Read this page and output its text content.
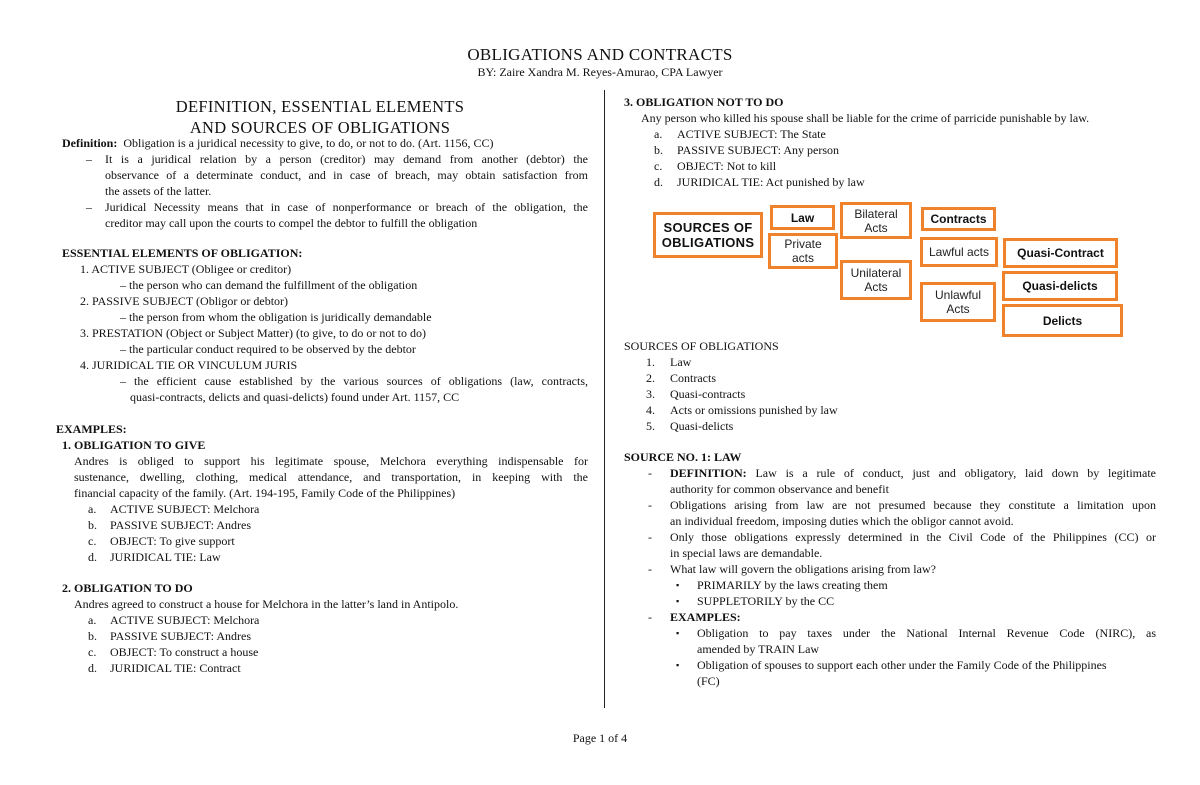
OBLIGATIONS AND CONTRACTS
BY: Zaire Xandra M. Reyes-Amurao, CPA Lawyer
DEFINITION, ESSENTIAL ELEMENTS
AND SOURCES OF OBLIGATIONS
Definition: Obligation is a juridical necessity to give, to do, or not to do. (Art. 1156, CC)
– It is a juridical relation by a person (creditor) may demand from another (debtor) the
observance of a determinate conduct, and in case of breach, may obtain satisfaction from
the assets of the latter.
– Juridical Necessity means that in case of nonperformance or breach of the obligation, the
creditor may call upon the courts to compel the debtor to fulfill the obligation
ESSENTIAL ELEMENTS OF OBLIGATION:
1. ACTIVE SUBJECT (Obligee or creditor)
– the person who can demand the fulfillment of the obligation
2. PASSIVE SUBJECT (Obligor or debtor)
– the person from whom the obligation is juridically demandable
3. PRESTATION (Object or Subject Matter) (to give, to do or not to do)
– the particular conduct required to be observed by the debtor
4. JURIDICAL TIE OR VINCULUM JURIS
– the efficient cause established by the various sources of obligations (law, contracts,
quasi-contracts, delicts and quasi-delicts) found under Art. 1157, CC
EXAMPLES:
1. OBLIGATION TO GIVE
Andres is obliged to support his legitimate spouse, Melchora everything indispensable for
sustenance, dwelling, clothing, medical attendance, and transportation, in keeping with the
financial capacity of the family. (Art. 194-195, Family Code of the Philippines)
a. ACTIVE SUBJECT: Melchora
b. PASSIVE SUBJECT: Andres
c. OBJECT: To give support
d. JURIDICAL TIE: Law
2. OBLIGATION TO DO
Andres agreed to construct a house for Melchora in the latter’s land in Antipolo.
a. ACTIVE SUBJECT: Melchora
b. PASSIVE SUBJECT: Andres
c. OBJECT: To construct a house
d. JURIDICAL TIE: Contract
3. OBLIGATION NOT TO DO
Any person who killed his spouse shall be liable for the crime of parricide punishable by law.
a. ACTIVE SUBJECT: The State
b. PASSIVE SUBJECT: Any person
c. OBJECT: Not to kill
d. JURIDICAL TIE: Act punished by law
SOURCES OF
OBLIGATIONS
Law
Private
acts
Bilateral
Acts
Unilateral
Acts
Contracts
Lawful acts
Unlawful
Acts
Quasi-Contract
Quasi-delicts
Delicts
SOURCES OF OBLIGATIONS
1. Law
2. Contracts
3. Quasi-contracts
4. Acts or omissions punished by law
5. Quasi-delicts
SOURCE NO. 1: LAW
- DEFINITION: Law is a rule of conduct, just and obligatory, laid down by legitimate
authority for common observance and benefit
- Obligations arising from law are not presumed because they constitute a limitation upon
an individual freedom, imposing duties which the obligor cannot avoid.
- Only those obligations expressly determined in the Civil Code of the Philippines (CC) or
in special laws are demandable.
- What law will govern the obligations arising from law?
▪ PRIMARILY by the laws creating them
▪ SUPPLETORILY by the CC
- EXAMPLES:
▪ Obligation to pay taxes under the National Internal Revenue Code (NIRC), as
amended by TRAIN Law
▪ Obligation of spouses to support each other under the Family Code of the Philippines
(FC)
Page 1 of 4
